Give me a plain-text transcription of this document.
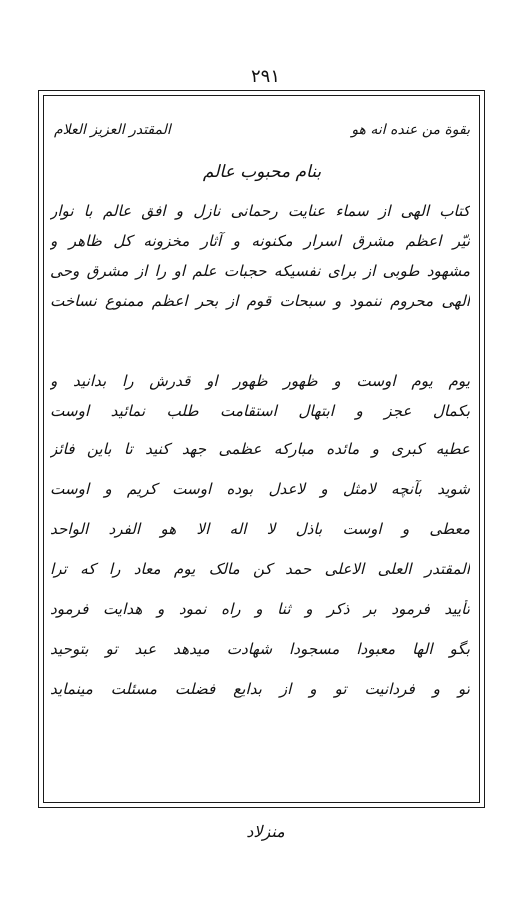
۲۹۱
بقوة من عنده انه هو
المقتدر العزيز العلام
بنام محبوب عالم
کتاب الهی از سماء عنایت رحمانی نازل و افق عالم با نوار
نیّر اعظم مشرق اسرار مکنونه و آثار مخزونه کل ظاهر و
مشهود طوبی از برای نفسیکه حجبات علم او را از مشرق وحی
الهی محروم ننمود و سبحات قوم از بحر اعظم ممنوع نساخت
یوم یوم اوست و ظهور ظهور او قدرش را بدانید و
بکمال عجز و ابتهال استقامت طلب نمائید اوست
عطیه کبری و مائده مبارکه عظمی جهد کنید تا باین فائز
شوید بآنچه لامثل و لاعدل بوده اوست کریم و اوست
معطی و اوست باذل لا اله الا هو الفرد الواحد
المقتدر العلی الاعلی حمد کن مالک یوم معاد را که ترا
تأیید فرمود بر ذکر و ثنا و راه نمود و هدایت فرمود
بگو الها معبودا مسجودا شهادت میدهد عبد تو بتوحید
تو و فردانیت تو و از بدایع فضلت مسئلت مینماید
منزلاد
